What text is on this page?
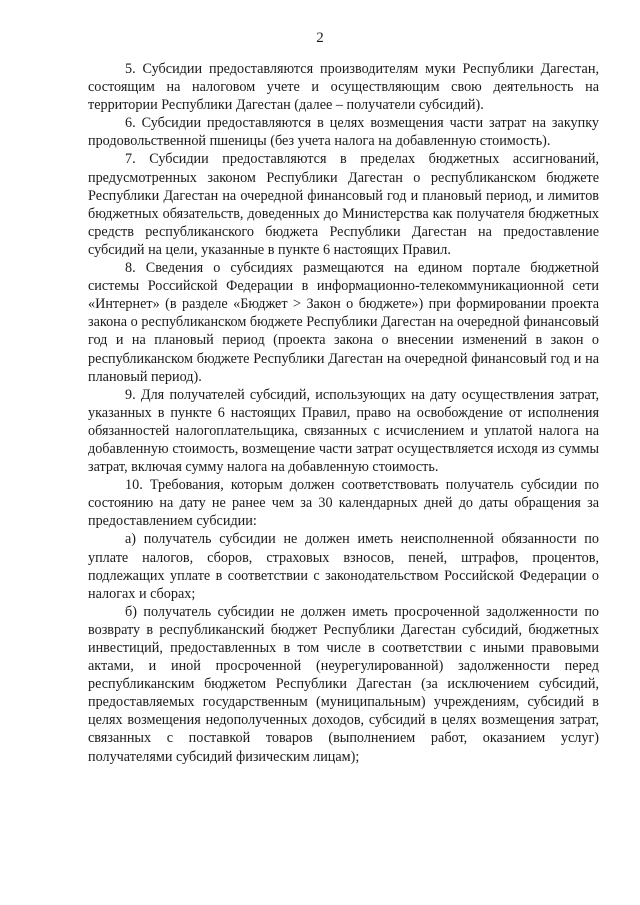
2

5. Субсидии предоставляются производителям муки Республики Дагестан, состоящим на налоговом учете и осуществляющим свою деятельность на территории Республики Дагестан (далее – получатели субсидий).

6. Субсидии предоставляются в целях возмещения части затрат на закупку продовольственной пшеницы (без учета налога на добавленную стоимость).

7. Субсидии предоставляются в пределах бюджетных ассигнований, предусмотренных законом Республики Дагестан о республиканском бюджете Республики Дагестан на очередной финансовый год и плановый период, и лимитов бюджетных обязательств, доведенных до Министерства как получателя бюджетных средств республиканского бюджета Республики Дагестан на предоставление субсидий на цели, указанные в пункте 6 настоящих Правил.

8. Сведения о субсидиях размещаются на едином портале бюджетной системы Российской Федерации в информационно-телекоммуникационной сети «Интернет» (в разделе «Бюджет > Закон о бюджете») при формировании проекта закона о республиканском бюджете Республики Дагестан на очередной финансовый год и на плановый период (проекта закона о внесении изменений в закон о республиканском бюджете Республики Дагестан на очередной финансовый год и на плановый период).

9. Для получателей субсидий, использующих на дату осуществления затрат, указанных в пункте 6 настоящих Правил, право на освобождение от исполнения обязанностей налогоплательщика, связанных с исчислением и уплатой налога на добавленную стоимость, возмещение части затрат осуществляется исходя из суммы затрат, включая сумму налога на добавленную стоимость.

10. Требования, которым должен соответствовать получатель субсидии по состоянию на дату не ранее чем за 30 календарных дней до даты обращения за предоставлением субсидии:

а) получатель субсидии не должен иметь неисполненной обязанности по уплате налогов, сборов, страховых взносов, пеней, штрафов, процентов, подлежащих уплате в соответствии с законодательством Российской Федерации о налогах и сборах;

б) получатель субсидии не должен иметь просроченной задолженности по возврату в республиканский бюджет Республики Дагестан субсидий, бюджетных инвестиций, предоставленных в том числе в соответствии с иными правовыми актами, и иной просроченной (неурегулированной) задолженности перед республиканским бюджетом Республики Дагестан (за исключением субсидий, предоставляемых государственным (муниципальным) учреждениям, субсидий в целях возмещения недополученных доходов, субсидий в целях возмещения затрат, связанных с поставкой товаров (выполнением работ, оказанием услуг) получателями субсидий физическим лицам);
